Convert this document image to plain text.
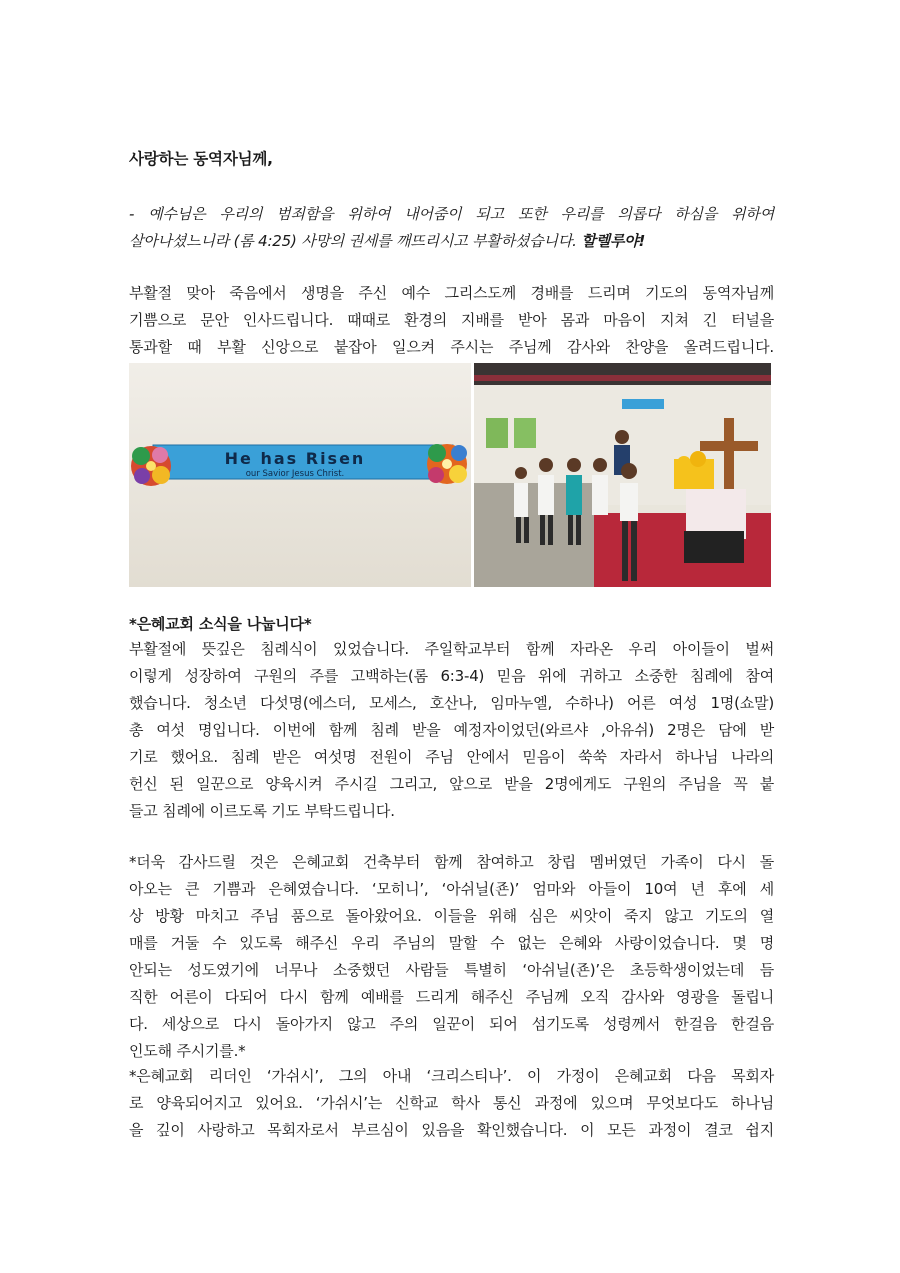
사랑하는 동역자님께,

- 예수님은 우리의 범죄함을 위하여 내어줌이 되고 또한 우리를 의롭다 하심을 위하여

살아나셨느니라 (롬 4:25) 사망의 권세를 깨뜨리시고 부활하셨습니다. 할렐루야!

부활절 맞아 죽음에서 생명을 주신 예수 그리스도께 경배를 드리며 기도의 동역자님께

기쁨으로 문안 인사드립니다. 때때로 환경의 지배를 받아 몸과 마음이 지쳐 긴 터널을

통과할 때 부활 신앙으로 붙잡아 일으켜 주시는 주님께 감사와 찬양을 올려드립니다.

He has Risen
our Savior Jesus Christ.

*은혜교회 소식을 나눕니다*

부활절에 뜻깊은 침례식이 있었습니다. 주일학교부터 함께 자라온 우리 아이들이 벌써

이렇게 성장하여 구원의 주를 고백하는(롬 6:3-4) 믿음 위에 귀하고 소중한 침례에 참여

했습니다. 청소년 다섯명(에스더, 모세스, 호산나, 임마누엘, 수하나) 어른 여성 1명(쇼말)

총 여섯 명입니다. 이번에 함께 침례 받을 예정자이었던(와르샤 ,아유쉬) 2명은 담에 받

기로 했어요. 침례 받은 여섯명 전원이 주님 안에서 믿음이 쑥쑥 자라서 하나님 나라의

헌신 된 일꾼으로 양육시켜 주시길 그리고, 앞으로 받을 2명에게도 구원의 주님을 꼭 붙

들고 침례에 이르도록 기도 부탁드립니다.

*더욱 감사드릴 것은 은혜교회 건축부터 함께 참여하고 창립 멤버였던 가족이 다시 돌

아오는 큰 기쁨과 은혜였습니다. ‘모히니’, ‘아쉬닐(죤)’ 엄마와 아들이 10여 년 후에 세

상 방황 마치고 주님 품으로 돌아왔어요. 이들을 위해 심은 씨앗이 죽지 않고 기도의 열

매를 거둘 수 있도록 해주신 우리 주님의 말할 수 없는 은혜와 사랑이었습니다. 몇 명

안되는 성도였기에 너무나 소중했던 사람들 특별히 ‘아쉬닐(죤)’은 초등학생이었는데 듬

직한 어른이 다되어 다시 함께 예배를 드리게 해주신 주님께 오직 감사와 영광을 돌립니

다. 세상으로 다시 돌아가지 않고 주의 일꾼이 되어 섬기도록 성령께서 한걸음 한걸음

인도해 주시기를.*

*은혜교회 리더인 ‘가쉬시’, 그의 아내 ‘크리스티나’. 이 가정이 은혜교회 다음 목회자

로 양육되어지고 있어요. ‘가쉬시’는 신학교 학사 통신 과정에 있으며 무엇보다도 하나님

을 깊이 사랑하고 목회자로서 부르심이 있음을 확인했습니다. 이 모든 과정이 결코 쉽지
